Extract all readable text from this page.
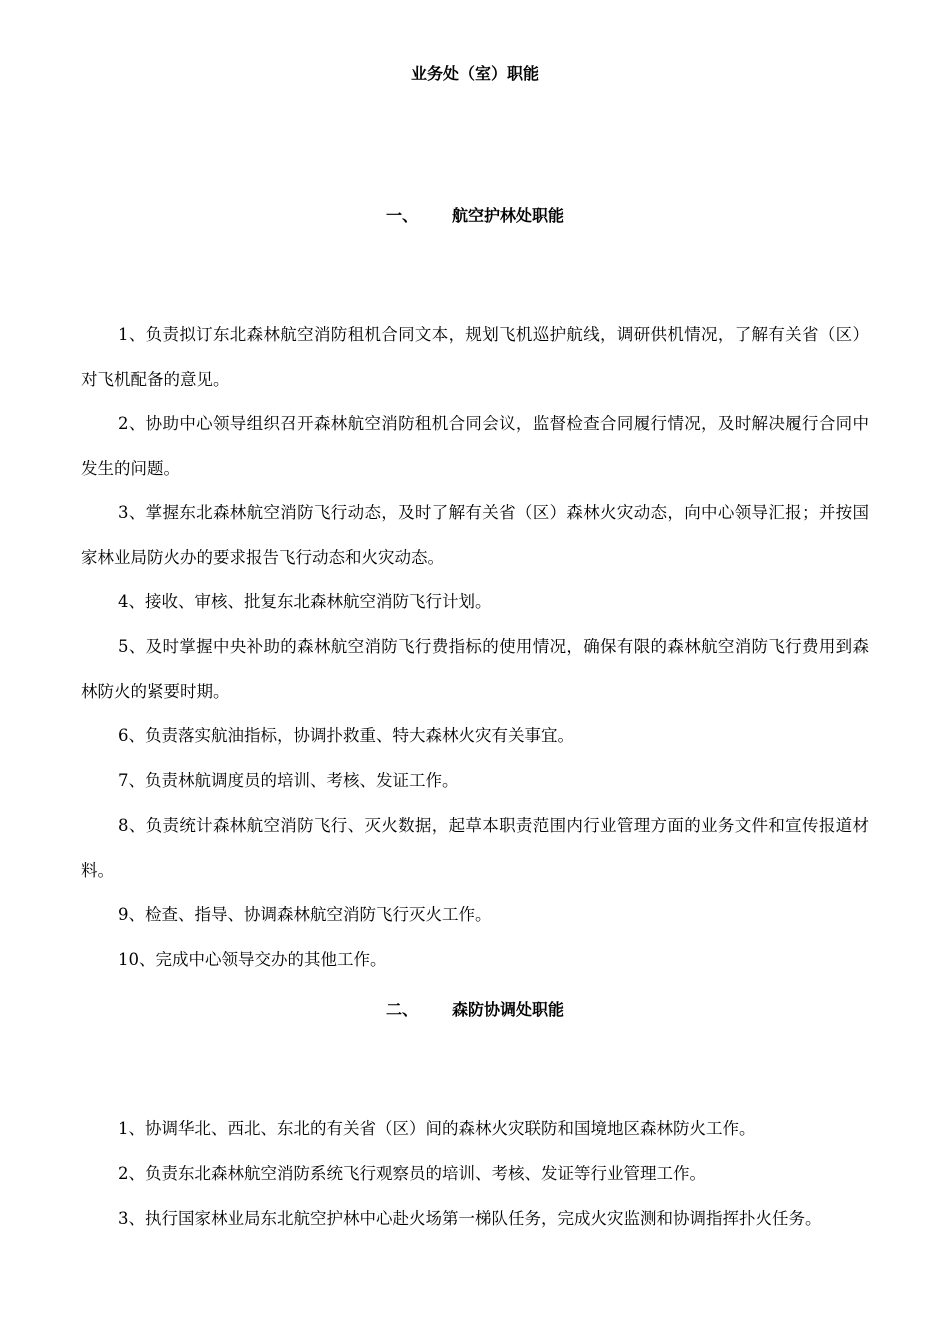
业务处（室）职能
一、 航空护林处职能

1、负责拟订东北森林航空消防租机合同文本，规划飞机巡护航线，调研供机情况，了解有关省（区）对飞机配备的意见。

2、协助中心领导组织召开森林航空消防租机合同会议，监督检查合同履行情况，及时解决履行合同中发生的问题。

3、掌握东北森林航空消防飞行动态，及时了解有关省（区）森林火灾动态，向中心领导汇报；并按国家林业局防火办的要求报告飞行动态和火灾动态。

4、接收、审核、批复东北森林航空消防飞行计划。

5、及时掌握中央补助的森林航空消防飞行费指标的使用情况，确保有限的森林航空消防飞行费用到森林防火的紧要时期。

6、负责落实航油指标，协调扑救重、特大森林火灾有关事宜。

7、负责林航调度员的培训、考核、发证工作。

8、负责统计森林航空消防飞行、灭火数据，起草本职责范围内行业管理方面的业务文件和宣传报道材料。

9、检查、指导、协调森林航空消防飞行灭火工作。

10、完成中心领导交办的其他工作。

二、 森防协调处职能

1、协调华北、西北、东北的有关省（区）间的森林火灾联防和国境地区森林防火工作。

2、负责东北森林航空消防系统飞行观察员的培训、考核、发证等行业管理工作。

3、执行国家林业局东北航空护林中心赴火场第一梯队任务，完成火灾监测和协调指挥扑火任务。
